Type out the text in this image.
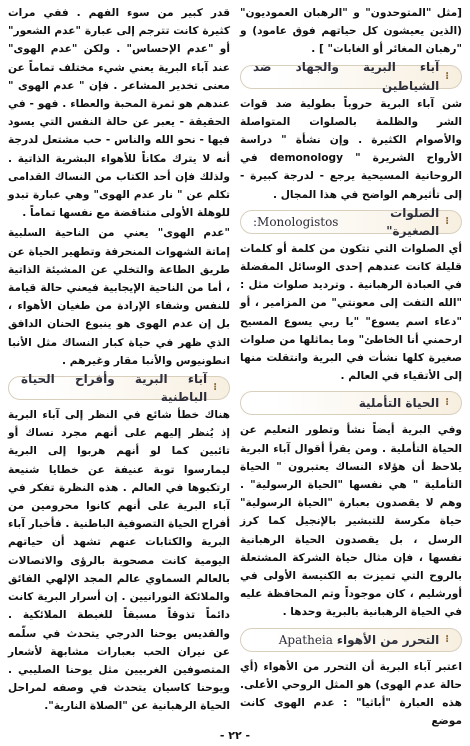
[مثل "المتوحدون" و "الرهبان العموديون" (الذين يعيشون كل حياتهم فوق عامود) و "رهبان المغائر أو الغابات" ] .

⁝
آباء البرية والجهاد ضد الشياطين

شن آباء البرية حروباً بطولية ضد قوات الشر والظلمة بالصلوات المتواصلة والأصوام الكثيرة . وإن نشأة " دراسة الأرواح الشريرة " demonology في الروحانية المسيحية يرجع - لدرجة كبيرة - إلى تأثيرهم الواضح في هذا المجال .

⁝
الصلوات الصغيرة"
Monologistos:

أي الصلوات التي تتكون من كلمة أو كلمات قليلة كانت عندهم إحدى الوسائل المفضلة في العبادة الرهبانية . وترديد صلوات مثل : "الله التفت إلى معونتي" من المزامير ، أو "دعاء اسم يسوع" "يا ربي يسوع المسيح ارحمني أنا الخاطئ" وما يماثلها من صلوات صغيرة كلها نشأت في البرية وانتقلت منها إلى الأتقياء في العالم .

⁝
الحياة التأملية

وفي البرية أيضاً نشأ وتطور التعليم عن الحياة التأملية . ومن يقرأ أقوال آباء البرية يلاحظ أن هؤلاء النساك يعتبرون " الحياة التأملية " هي نفسها "الحياة الرسولية" . وهم لا يقصدون بعبارة "الحياة الرسولية" حياة مكرسة للتبشير بالإنجيل كما كرز الرسل ، بل يقصدون الحياة الرهبانية نفسها ، فإن مثال حياة الشركة المشتعلة بالروح التي تميزت به الكنيسة الأولى في أورشليم ، كان موجوداً وتم المحافظة عليه في الحياة الرهبانية بالبرية وحدها .

⁝
التحرر من الأهواء
Apatheia

اعتبر آباء البرية أن التحرر من الأهواء (أي حالة عدم الهوى) هو المثل الروحي الأعلى. هذه العبارة "أباثيا" : عدم الهوى كانت موضع

قدر كبير من سوء الفهم . ففي مرات كثيرة كانت تترجم إلى عبارة "عدم الشعور" أو "عدم الإحساس" . ولكن "عدم الهوى" عند آباء البرية يعني شيء مختلف تماماً عن معنى تخدير المشاعر . فإن " عدم الهوى " عندهم هو ثمرة المحبة والعطاء . فهو - في الحقيقة - يعبر عن حالة النفس التي يسود فيها - نحو الله والناس - حب مشتعل لدرجة أنه لا يترك مكاناً للأهواء البشرية الذاتية . ولذلك فإن أحد الكتاب من النساك القدامى تكلم عن " نار عدم الهوى" وهي عبارة تبدو للوهلة الأولى متناقضة مع نفسها تماماً .

"عدم الهوى" يعني من الناحية السلبية إماتة الشهوات المنحرفة وتطهير الحياة عن طريق الطاعة والتخلي عن المشيئة الذاتية ، أما من الناحية الإيجابية فيعني حالة قيامة للنفس وشفاء الإرادة من طغيان الأهواء ، بل إن عدم الهوى هو ينبوع الحنان الدافق الذي ظهر في حياة كبار النساك مثل الأنبا انطونيوس والأنبا مقار وغيرهم .

⁝
آباء البرية وأفراح الحياة الباطنية

هناك خطأ شائع في النظر إلى آباء البرية إذ يُنظر إليهم على أنهم مجرد نساك أو تائبين كما لو أنهم هربوا إلى البرية ليمارسوا توبة عنيفة عن خطايا شنيعة ارتكبوها في العالم . هذه النظرة تفكر في آباء البرية على أنهم كانوا محرومين من أفراح الحياة التصوفية الباطنية . فأخبار آباء البرية والكتابات عنهم تشهد أن حياتهم اليومية كانت مصحوبة بالرؤى والاتصالات بالعالم السماوي عالم المجد الإلهي الفائق والملائكة النورانيين . إن أسرار البرية كانت دائماً تذوقاً مسبقاً للغبطة الملائكية . والقديس يوحنا الدرجي يتحدث في سلّمه عن نيران الحب بعبارات مشابهة لأشعار المتصوفين الغربيين مثل يوحنا الصليبي . ويوحنا كاسيان يتحدث في وصفه لمراحل الحياة الرهبانية عن "الصلاة النارية".

- ٢٢ -
